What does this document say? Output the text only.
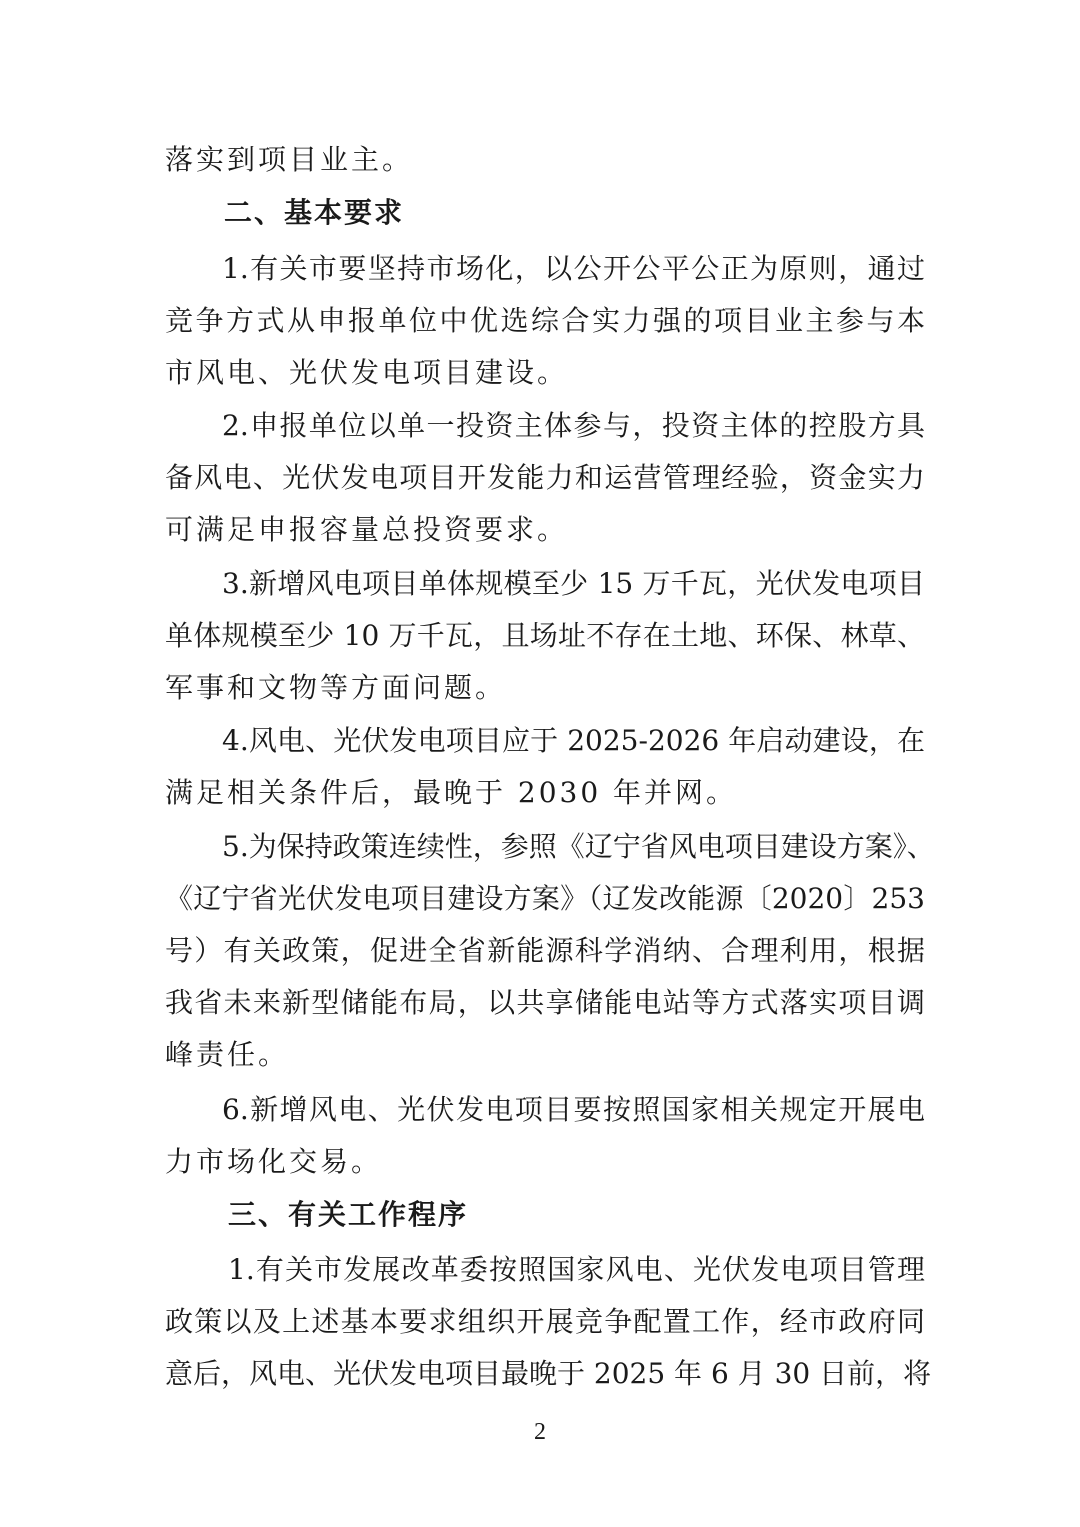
落实到项目业主。
二、基本要求
1.有关市要坚持市场化，以公开公平公正为原则，通过
竞争方式从申报单位中优选综合实力强的项目业主参与本
市风电、光伏发电项目建设。
2.申报单位以单一投资主体参与，投资主体的控股方具
备风电、光伏发电项目开发能力和运营管理经验，资金实力
可满足申报容量总投资要求。
3.新增风电项目单体规模至少 15 万千瓦，光伏发电项目
单体规模至少 10 万千瓦，且场址不存在土地、环保、林草、
军事和文物等方面问题。
4.风电、光伏发电项目应于 2025-2026 年启动建设，在
满足相关条件后，最晚于 2030 年并网。
5.为保持政策连续性，参照《辽宁省风电项目建设方案》、
《辽宁省光伏发电项目建设方案》（辽发改能源〔2020〕253
号）有关政策，促进全省新能源科学消纳、合理利用，根据
我省未来新型储能布局，以共享储能电站等方式落实项目调
峰责任。
6.新增风电、光伏发电项目要按照国家相关规定开展电
力市场化交易。
三、有关工作程序
1.有关市发展改革委按照国家风电、光伏发电项目管理
政策以及上述基本要求组织开展竞争配置工作，经市政府同
意后，风电、光伏发电项目最晚于 2025 年 6 月 30 日前，将
2
